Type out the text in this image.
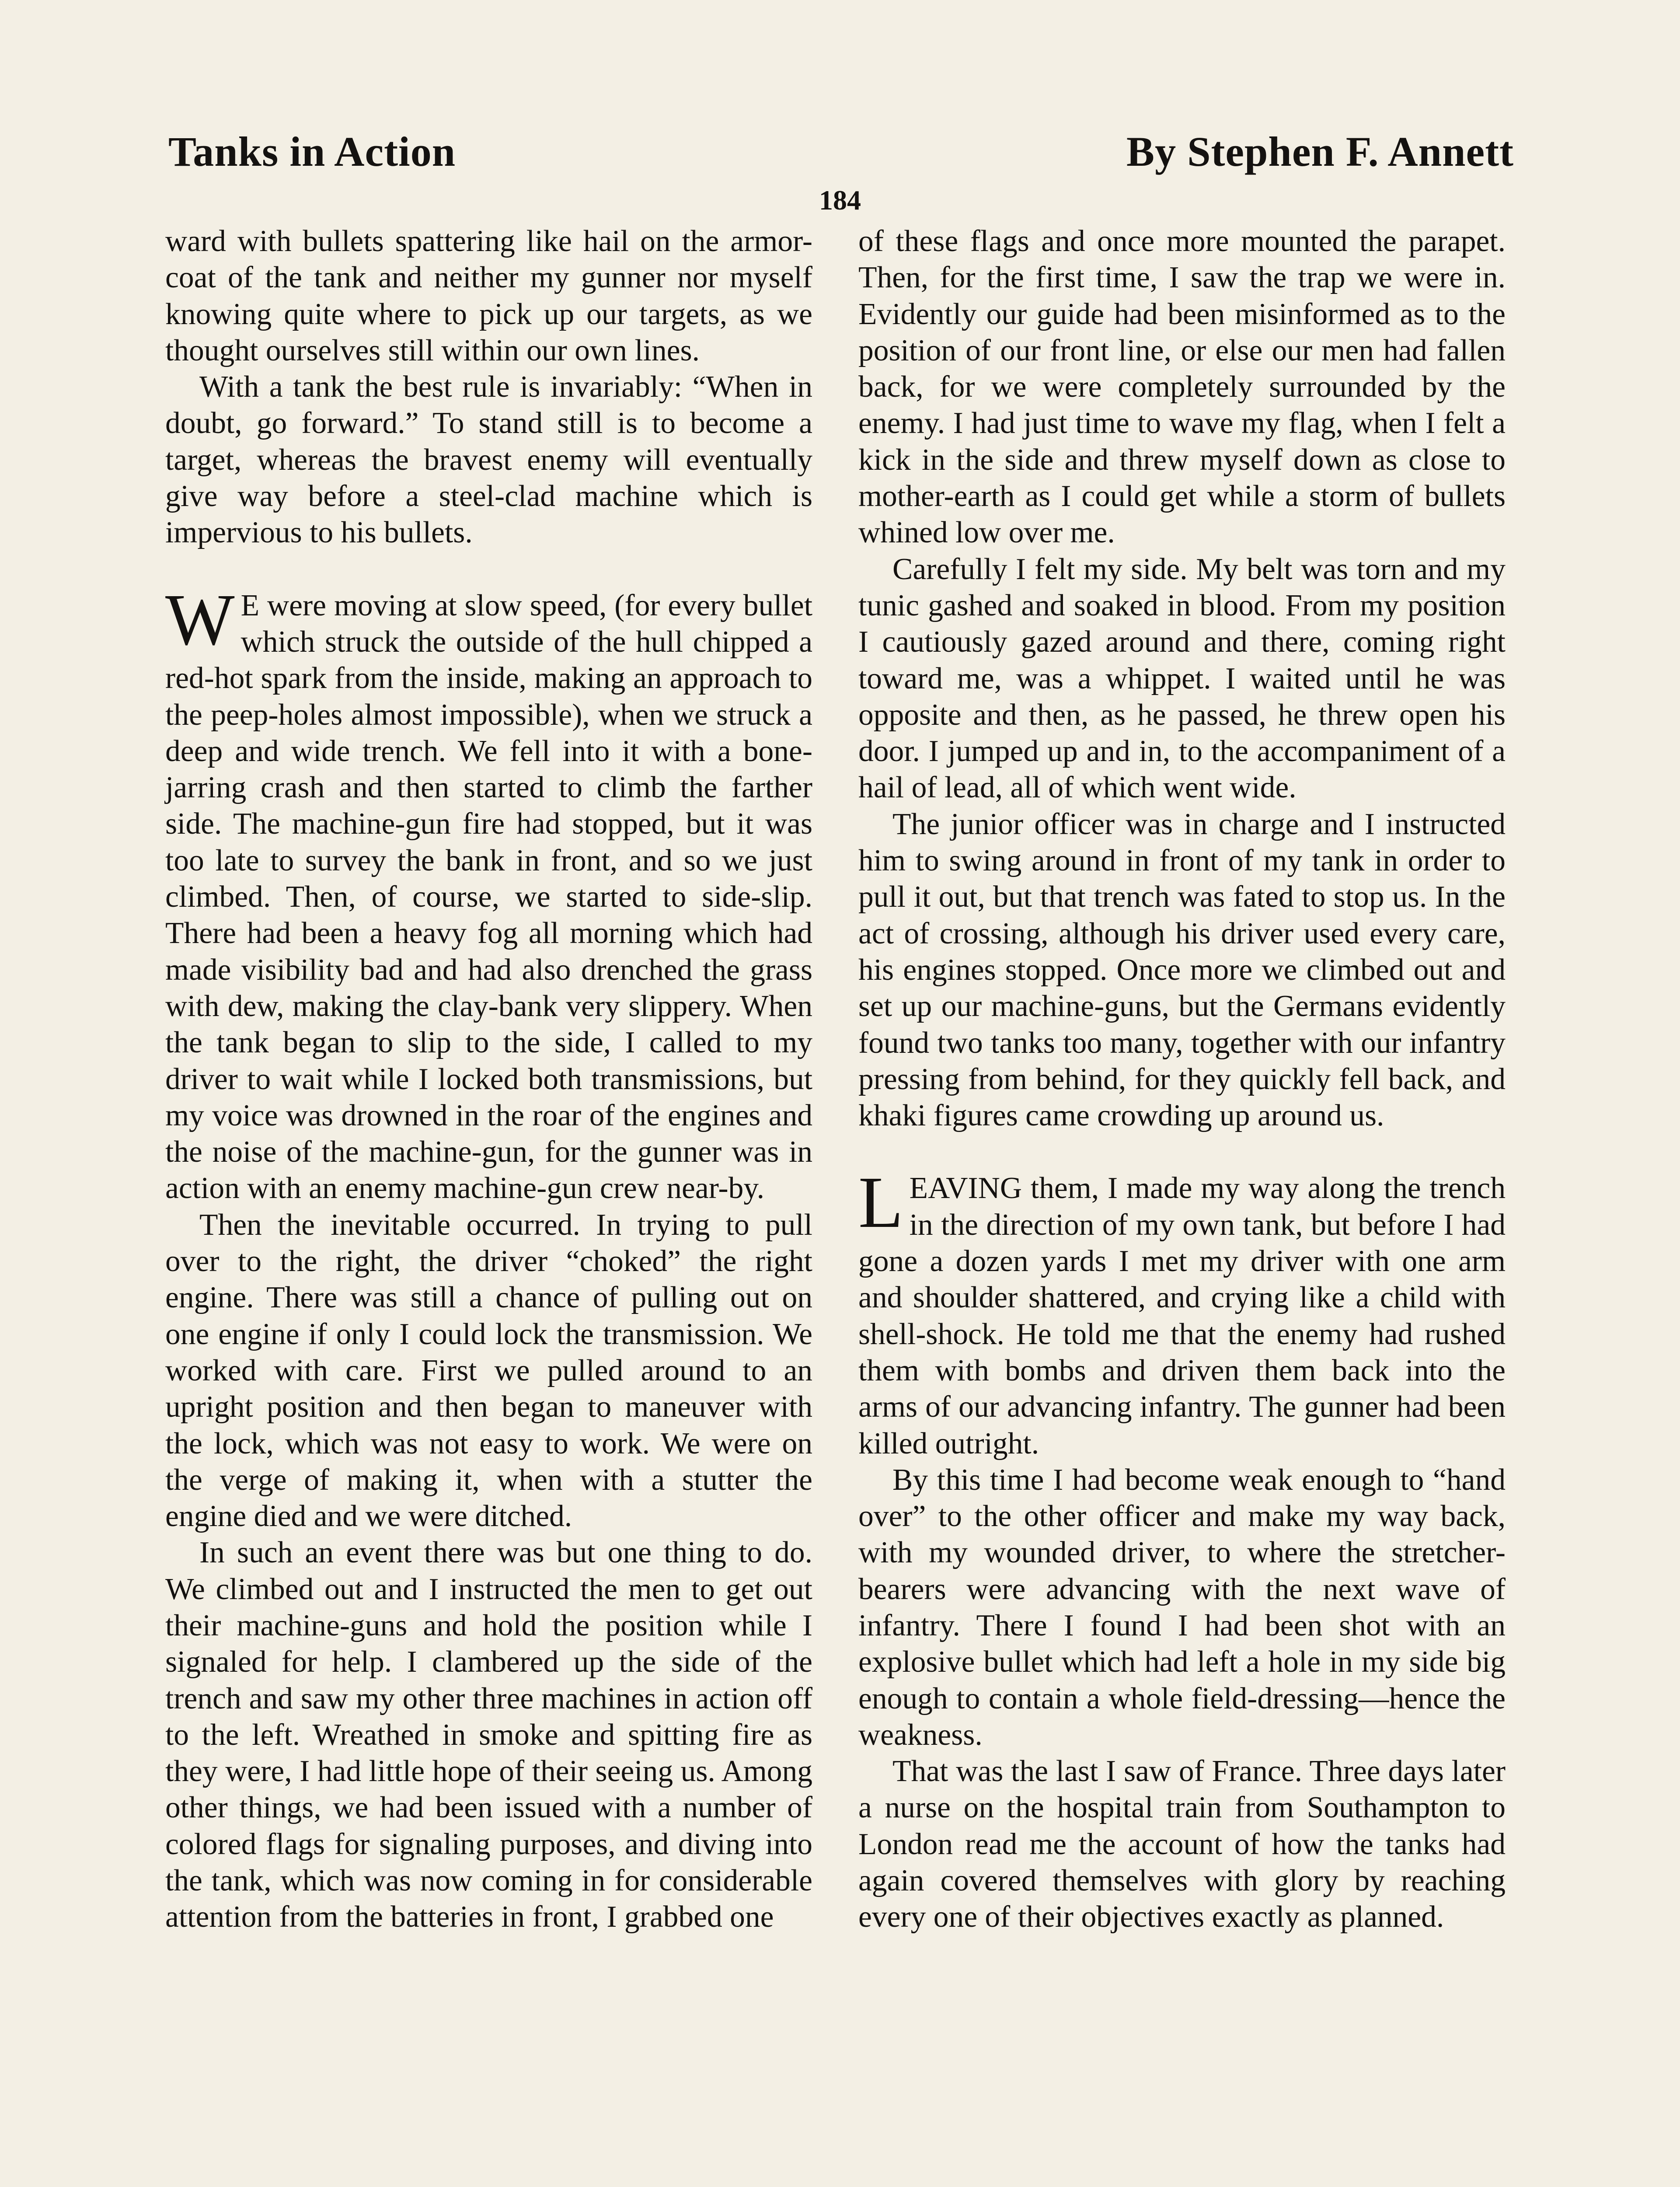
Tanks in Action	By Stephen F. Annett
184

ward with bullets spattering like hail on the armor-coat of the tank and neither my gunner nor myself knowing quite where to pick up our targets, as we thought ourselves still within our own lines.

With a tank the best rule is invariably: “When in doubt, go forward.” To stand still is to become a target, whereas the bravest enemy will eventually give way before a steel-clad machine which is impervious to his bullets.

W E were moving at slow speed, (for every bullet which struck the outside of the hull chipped a red-hot spark from the inside, making an approach to the peep-holes almost impossible), when we struck a deep and wide trench. We fell into it with a bone-jarring crash and then started to climb the farther side. The machine-gun fire had stopped, but it was too late to survey the bank in front, and so we just climbed. Then, of course, we started to side-slip. There had been a heavy fog all morning which had made visibility bad and had also drenched the grass with dew, making the clay-bank very slippery. When the tank began to slip to the side, I called to my driver to wait while I locked both transmissions, but my voice was drowned in the roar of the engines and the noise of the machine-gun, for the gunner was in action with an enemy machine-gun crew near-by.

Then the inevitable occurred. In trying to pull over to the right, the driver “choked” the right engine. There was still a chance of pulling out on one engine if only I could lock the transmission. We worked with care. First we pulled around to an upright position and then began to maneuver with the lock, which was not easy to work. We were on the verge of making it, when with a stutter the engine died and we were ditched.

In such an event there was but one thing to do. We climbed out and I instructed the men to get out their machine-guns and hold the position while I signaled for help. I clambered up the side of the trench and saw my other three machines in action off to the left. Wreathed in smoke and spitting fire as they were, I had little hope of their seeing us. Among other things, we had been issued with a number of colored flags for signaling purposes, and diving into the tank, which was now coming in for considerable attention from the batteries in front, I grabbed one

of these flags and once more mounted the parapet. Then, for the first time, I saw the trap we were in. Evidently our guide had been misinformed as to the position of our front line, or else our men had fallen back, for we were completely surrounded by the enemy. I had just time to wave my flag, when I felt a kick in the side and threw myself down as close to mother-earth as I could get while a storm of bullets whined low over me.

Carefully I felt my side. My belt was torn and my tunic gashed and soaked in blood. From my position I cautiously gazed around and there, coming right toward me, was a whippet. I waited until he was opposite and then, as he passed, he threw open his door. I jumped up and in, to the accompaniment of a hail of lead, all of which went wide.

The junior officer was in charge and I instructed him to swing around in front of my tank in order to pull it out, but that trench was fated to stop us. In the act of crossing, although his driver used every care, his engines stopped. Once more we climbed out and set up our machine-guns, but the Germans evidently found two tanks too many, together with our infantry pressing from behind, for they quickly fell back, and khaki figures came crowding up around us.

LEAVING them, I made my way along the trench in the direction of my own tank, but before I had gone a dozen yards I met my driver with one arm and shoulder shattered, and crying like a child with shell-shock. He told me that the enemy had rushed them with bombs and driven them back into the arms of our advancing infantry. The gunner had been killed outright.

By this time I had become weak enough to “hand over” to the other officer and make my way back, with my wounded driver, to where the stretcher-bearers were advancing with the next wave of infantry. There I found I had been shot with an explosive bullet which had left a hole in my side big enough to contain a whole field-dressing—hence the weakness.

That was the last I saw of France. Three days later a nurse on the hospital train from Southampton to London read me the account of how the tanks had again covered themselves with glory by reaching every one of their objectives exactly as planned.
